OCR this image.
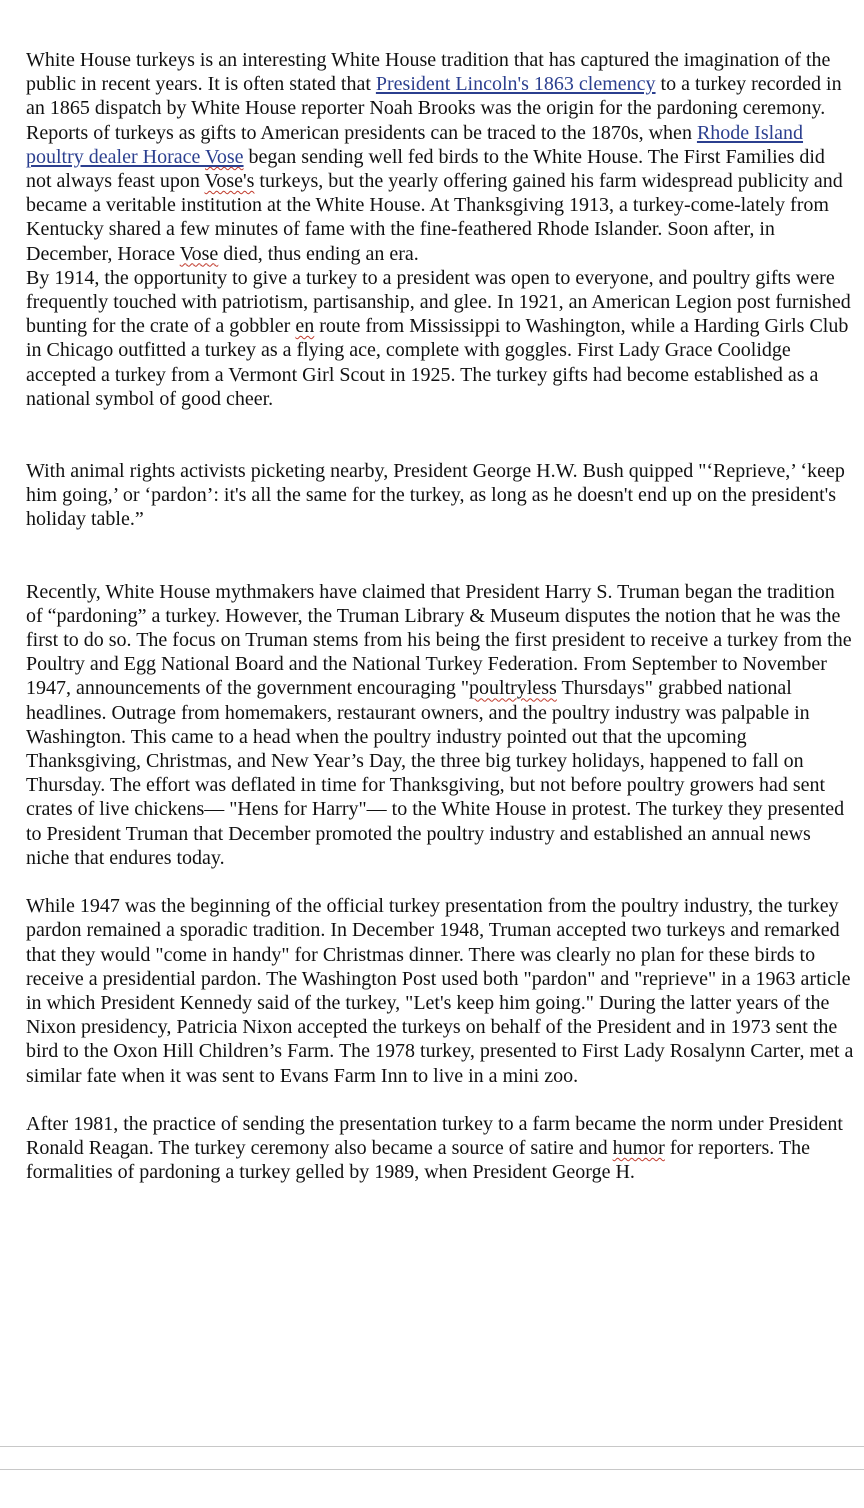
White House turkeys is an interesting White House tradition that has captured the imagination of the public in recent years. It is often stated that President Lincoln's 1863 clemency to a turkey recorded in an 1865 dispatch by White House reporter Noah Brooks was the origin for the pardoning ceremony.

Reports of turkeys as gifts to American presidents can be traced to the 1870s, when Rhode Island poultry dealer Horace Vose began sending well fed birds to the White House. The First Families did not always feast upon Vose's turkeys, but the yearly offering gained his farm widespread publicity and became a veritable institution at the White House. At Thanksgiving 1913, a turkey-come-lately from Kentucky shared a few minutes of fame with the fine-feathered Rhode Islander. Soon after, in December, Horace Vose died, thus ending an era.

By 1914, the opportunity to give a turkey to a president was open to everyone, and poultry gifts were frequently touched with patriotism, partisanship, and glee. In 1921, an American Legion post furnished bunting for the crate of a gobbler en route from Mississippi to Washington, while a Harding Girls Club in Chicago outfitted a turkey as a flying ace, complete with goggles. First Lady Grace Coolidge accepted a turkey from a Vermont Girl Scout in 1925. The turkey gifts had become established as a national symbol of good cheer.

With animal rights activists picketing nearby, President George H.W. Bush quipped "‘Reprieve,’ ‘keep him going,’ or ‘pardon’: it's all the same for the turkey, as long as he doesn't end up on the president's holiday table.”

Recently, White House mythmakers have claimed that President Harry S. Truman began the tradition of “pardoning” a turkey. However, the Truman Library & Museum disputes the notion that he was the first to do so. The focus on Truman stems from his being the first president to receive a turkey from the Poultry and Egg National Board and the National Turkey Federation. From September to November 1947, announcements of the government encouraging "poultryless Thursdays" grabbed national headlines. Outrage from homemakers, restaurant owners, and the poultry industry was palpable in Washington. This came to a head when the poultry industry pointed out that the upcoming Thanksgiving, Christmas, and New Year’s Day, the three big turkey holidays, happened to fall on Thursday. The effort was deflated in time for Thanksgiving, but not before poultry growers had sent crates of live chickens— "Hens for Harry"— to the White House in protest. The turkey they presented to President Truman that December promoted the poultry industry and established an annual news niche that endures today.

While 1947 was the beginning of the official turkey presentation from the poultry industry, the turkey pardon remained a sporadic tradition. In December 1948, Truman accepted two turkeys and remarked that they would "come in handy" for Christmas dinner. There was clearly no plan for these birds to receive a presidential pardon. The Washington Post used both "pardon" and "reprieve" in a 1963 article in which President Kennedy said of the turkey, "Let's keep him going." During the latter years of the Nixon presidency, Patricia Nixon accepted the turkeys on behalf of the President and in 1973 sent the bird to the Oxon Hill Children’s Farm. The 1978 turkey, presented to First Lady Rosalynn Carter, met a similar fate when it was sent to Evans Farm Inn to live in a mini zoo.

After 1981, the practice of sending the presentation turkey to a farm became the norm under President Ronald Reagan. The turkey ceremony also became a source of satire and humor for reporters. The formalities of pardoning a turkey gelled by 1989, when President George H.
